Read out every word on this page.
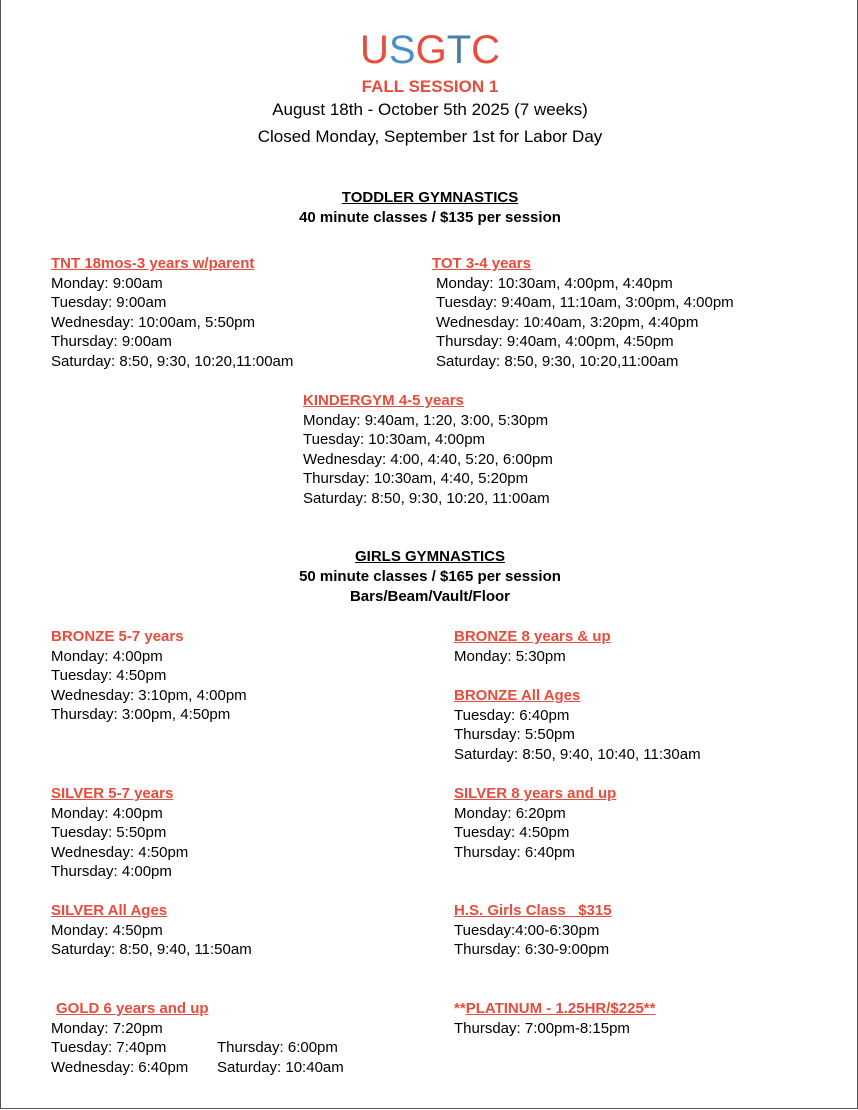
USGTC
FALL SESSION 1
August 18th - October 5th 2025 (7 weeks)
Closed Monday, September 1st for Labor Day
TODDLER GYMNASTICS
40 minute classes / $135 per session
TNT 18mos-3 years w/parent
Monday: 9:00am
Tuesday: 9:00am
Wednesday: 10:00am, 5:50pm
Thursday: 9:00am
Saturday: 8:50, 9:30, 10:20,11:00am
TOT 3-4 years
Monday: 10:30am, 4:00pm, 4:40pm
Tuesday: 9:40am, 11:10am, 3:00pm, 4:00pm
Wednesday: 10:40am, 3:20pm, 4:40pm
Thursday: 9:40am, 4:00pm, 4:50pm
Saturday: 8:50, 9:30, 10:20,11:00am
KINDERGYM 4-5 years
Monday: 9:40am, 1:20, 3:00, 5:30pm
Tuesday: 10:30am, 4:00pm
Wednesday: 4:00, 4:40, 5:20, 6:00pm
Thursday: 10:30am, 4:40, 5:20pm
Saturday: 8:50, 9:30, 10:20, 11:00am
GIRLS GYMNASTICS
50 minute classes / $165 per session
Bars/Beam/Vault/Floor
BRONZE 5-7 years
Monday: 4:00pm
Tuesday: 4:50pm
Wednesday: 3:10pm, 4:00pm
Thursday: 3:00pm, 4:50pm
BRONZE 8 years & up
Monday: 5:30pm
BRONZE All Ages
Tuesday: 6:40pm
Thursday: 5:50pm
Saturday: 8:50, 9:40, 10:40, 11:30am
SILVER 5-7 years
Monday: 4:00pm
Tuesday: 5:50pm
Wednesday: 4:50pm
Thursday: 4:00pm
SILVER 8 years and up
Monday: 6:20pm
Tuesday: 4:50pm
Thursday: 6:40pm
SILVER All Ages
Monday: 4:50pm
Saturday: 8:50, 9:40, 11:50am
H.S. Girls Class   $315
Tuesday:4:00-6:30pm
Thursday: 6:30-9:00pm
GOLD 6 years and up
Monday: 7:20pm
Tuesday: 7:40pm	Thursday: 6:00pm
Wednesday: 6:40pm	Saturday: 10:40am
**PLATINUM - 1.25HR/$225**
Thursday: 7:00pm-8:15pm
